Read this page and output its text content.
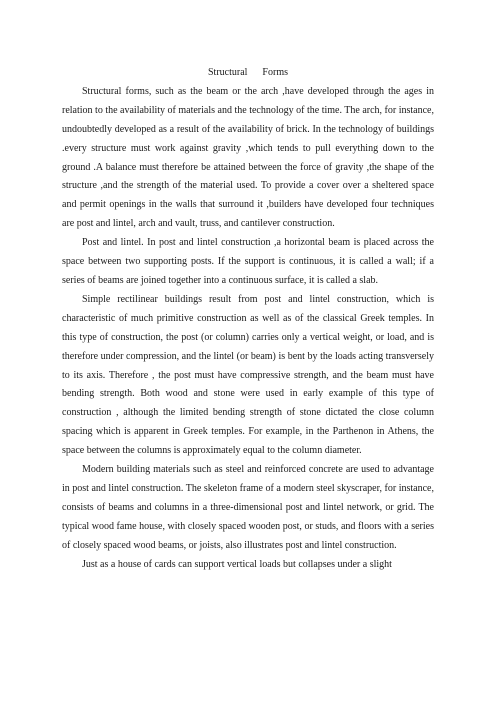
Structural      Forms

Structural forms, such as the beam or the arch ,have developed through the ages in relation to the availability of materials and the technology of the time. The arch, for instance, undoubtedly developed as a result of the availability of brick. In the technology of buildings .every structure must work against gravity ,which tends to pull everything down to the ground .A balance must therefore be attained between the force of gravity ,the shape of the structure ,and the strength of the material used. To provide a cover over a sheltered space and permit openings in the walls that surround it ,builders have developed four techniques are post and lintel, arch and vault, truss, and cantilever construction.

Post and lintel. In post and lintel construction ,a horizontal beam is placed across the space between two supporting posts. If the support is continuous, it is called a wall; if a series of beams are joined together into a continuous surface, it is called a slab.

Simple rectilinear buildings result from post and lintel construction, which is characteristic of much primitive construction as well as of the classical Greek temples. In this type of construction, the post (or column) carries only a vertical weight, or load, and is therefore under compression, and the lintel (or beam) is bent by the loads acting transversely to its axis. Therefore , the post must have compressive strength, and the beam must have bending strength. Both wood and stone were used in early example of this type of construction , although the limited bending strength of stone dictated the close column spacing which is apparent in Greek temples. For example, in the Parthenon in Athens, the space between the columns is approximately equal to the column diameter.

Modern building materials such as steel and reinforced concrete are used to advantage in post and lintel construction. The skeleton frame of a modern steel skyscraper, for instance, consists of beams and columns in a three-dimensional post and lintel network, or grid. The typical wood fame house, with closely spaced wooden post, or studs, and floors with a series of closely spaced wood beams, or joists, also illustrates post and lintel construction.

Just as a house of cards can support vertical loads but collapses under a slight
